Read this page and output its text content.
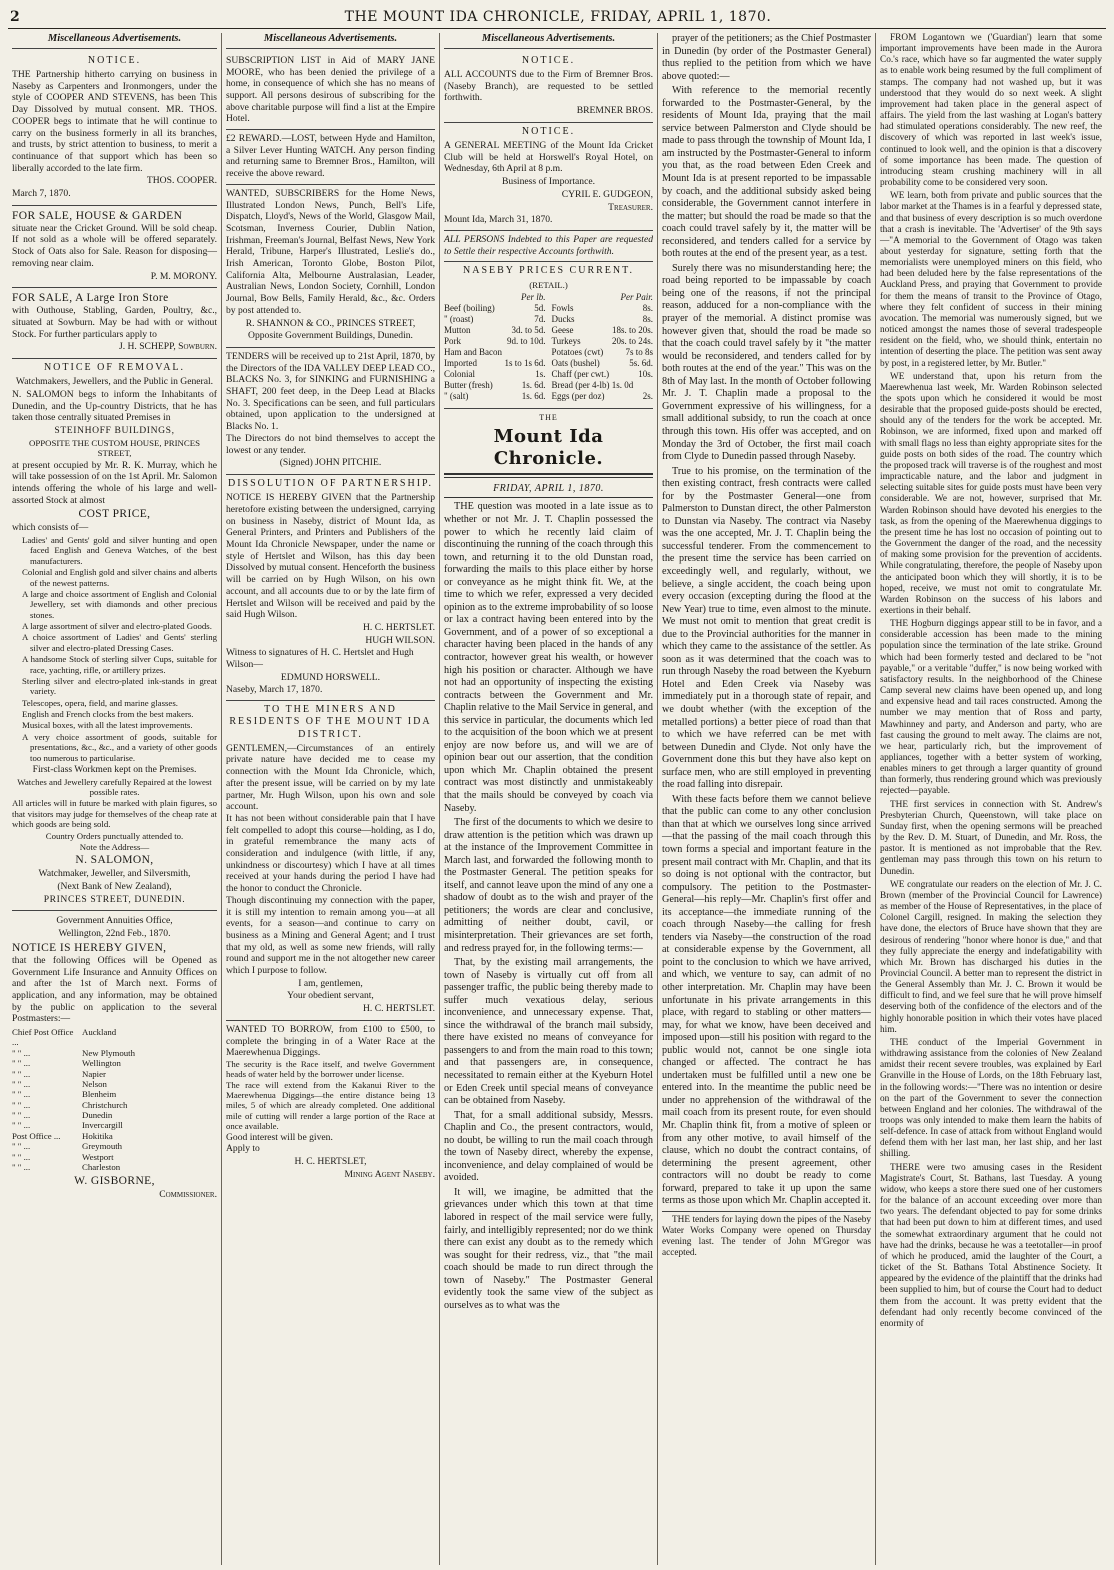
2	THE MOUNT IDA CHRONICLE, FRIDAY, APRIL 1, 1870.
Miscellaneous Advertisements.
NOTICE.

THE Partnership hitherto carrying on business in Naseby as Carpenters and Ironmongers, under the style of COOPER AND STEVENS, has been This Day Dissolved by mutual consent. MR. THOS. COOPER begs to intimate that he will continue to carry on the business formerly in all its branches, and trusts, by strict attention to business, to merit a continuance of that support which has been so liberally accorded to the late firm.

THOS. COOPER.
March 7, 1870.
FOR SALE, HOUSE & GARDEN

situate near the Cricket Ground. Will be sold cheap. If not sold as a whole will be offered separately. Stock of Oats also for Sale. Reason for disposing—removing near claim.

P. M. MORONY.
FOR SALE, A Large Iron Store

with Outhouse, Stabling, Garden, Poultry, &c., situated at Sowburn. May be had with or without Stock. For further particulars apply to

J. H. SCHEPP, Sowburn.
NOTICE OF REMOVAL.
Watchmakers, Jewellers, and the Public in General.

N. SALOMON begs to inform the Inhabitants of Dunedin, and the Up-country Districts, that he has taken those centrally situated Premises in

STEINHOFF BUILDINGS,
OPPOSITE THE CUSTOM HOUSE, PRINCES STREET,

at present occupied by Mr. R. K. Murray, which he will take possession of on the 1st April. Mr. Salomon intends offering the whole of his large and well-assorted Stock at almost

COST PRICE,
which consists of—
Ladies' and Gents' gold and silver hunting and open faced English and Geneva Watches, of the best manufacturers.
Colonial and English gold and silver chains and alberts of the newest patterns.
A large and choice assortment of English and Colonial Jewellery, set with diamonds and other precious stones.
A large assortment of silver and electro-plated Goods.
A choice assortment of Ladies' and Gents' sterling silver and electro-plated Dressing Cases.
A handsome Stock of sterling silver Cups, suitable for race, yachting, rifle, or artillery prizes.
Sterling silver and electro-plated ink-stands in great variety.
Telescopes, opera, field, and marine glasses.
English and French clocks from the best makers.
Musical boxes, with all the latest improvements.
A very choice assortment of goods, suitable for presentations, &c., &c., and a variety of other goods too numerous to particularise.
First-class Workmen kept on the Premises.
Watches and Jewellery carefully Repaired at the lowest possible rates.

All articles will in future be marked with plain figures, so that visitors may judge for themselves of the cheap rate at which goods are being sold.

Country Orders punctually attended to.
Note the Address—
N. SALOMON,
Watchmaker, Jeweller, and Silversmith,
(Next Bank of New Zealand),
PRINCES STREET, DUNEDIN.
Government Annuities Office,
Wellington, 22nd Feb., 1870.
NOTICE IS HEREBY GIVEN,

that the following Offices will be Opened as Government Life Insurance and Annuity Offices on and after the 1st of March next. Forms of application, and any information, may be obtained by the public on application to the several Postmasters:—

Chief Post Office ...
Auckland
" " ...	New Plymouth
" " ...	Wellington
" " ...	Napier
" " ...	Nelson
" " ...	Blenheim
" " ...	Christchurch
" " ...	Dunedin
" " ...	Invercargill
Post Office ...	Hokitika
" " ...	Greymouth
" " ...	Westport
" " ...	Charleston
W. GISBORNE,
Commissioner.
Miscellaneous Advertisements.

SUBSCRIPTION LIST in Aid of MARY JANE MOORE, who has been denied the privilege of a home, in consequence of which she has no means of support. All persons desirous of subscribing for the above charitable purpose will find a list at the Empire Hotel.

£2 REWARD.—LOST, between Hyde and Hamilton, a Silver Lever Hunting WATCH. Any person finding and returning same to Bremner Bros., Hamilton, will receive the above reward.

WANTED, SUBSCRIBERS for the Home News, Illustrated London News, Punch, Bell's Life, Dispatch, Lloyd's, News of the World, Glasgow Mail, Scotsman, Inverness Courier, Dublin Nation, Irishman, Freeman's Journal, Belfast News, New York Herald, Tribune, Harper's Illustrated, Leslie's do., Irish American, Toronto Globe, Boston Pilot, California Alta, Melbourne Australasian, Leader, Australian News, London Society, Cornhill, London Journal, Bow Bells, Family Herald, &c., &c. Orders by post attended to.

R. SHANNON & CO., PRINCES STREET,
Opposite Government Buildings, Dunedin.

TENDERS will be received up to 21st April, 1870, by the Directors of the IDA VALLEY DEEP LEAD CO., BLACKS No. 3, for SINKING and FURNISHING a SHAFT, 200 feet deep, in the Deep Lead at Blacks No. 3. Specifications can be seen, and full particulars obtained, upon application to the undersigned at Blacks No. 1.

The Directors do not bind themselves to accept the lowest or any tender.

(Signed) JOHN PITCHIE.
DISSOLUTION OF PARTNERSHIP.

NOTICE IS HEREBY GIVEN that the Partnership heretofore existing between the undersigned, carrying on business in Naseby, district of Mount Ida, as General Printers, and Printers and Publishers of the Mount Ida Chronicle Newspaper, under the name or style of Hertslet and Wilson, has this day been Dissolved by mutual consent. Henceforth the business will be carried on by Hugh Wilson, on his own account, and all accounts due to or by the late firm of Hertslet and Wilson will be received and paid by the said Hugh Wilson.

H. C. HERTSLET.
HUGH WILSON.
Witness to signatures of H. C. Hertslet and Hugh Wilson—
EDMUND HORSWELL.
Naseby, March 17, 1870.
TO THE MINERS AND RESIDENTS OF THE MOUNT IDA DISTRICT.

GENTLEMEN,—Circumstances of an entirely private nature have decided me to cease my connection with the Mount Ida Chronicle, which, after the present issue, will be carried on by my late partner, Mr. Hugh Wilson, upon his own and sole account.

It has not been without considerable pain that I have felt compelled to adopt this course—holding, as I do, in grateful remembrance the many acts of consideration and indulgence (with little, if any, unkindness or discourtesy) which I have at all times received at your hands during the period I have had the honor to conduct the Chronicle.

Though discontinuing my connection with the paper, it is still my intention to remain among you—at all events, for a season—and continue to carry on business as a Mining and General Agent; and I trust that my old, as well as some new friends, will rally round and support me in the not altogether new career which I purpose to follow.

I am, gentlemen,
Your obedient servant,
H. C. HERTSLET.

WANTED TO BORROW, from £100 to £500, to complete the bringing in of a Water Race at the Maerewhenua Diggings.

The security is the Race itself, and twelve Government heads of water held by the borrower under license.

The race will extend from the Kakanui River to the Maerewhenua Diggings—the entire distance being 13 miles, 5 of which are already completed. One additional mile of cutting will render a large portion of the Race at once available.

Good interest will be given.
Apply to
H. C. HERTSLET,
Mining Agent Naseby.
Miscellaneous Advertisements.
NOTICE.

ALL ACCOUNTS due to the Firm of Bremner Bros. (Naseby Branch), are requested to be settled forthwith.

BREMNER BROS.
NOTICE.

A GENERAL MEETING of the Mount Ida Cricket Club will be held at Horswell's Royal Hotel, on Wednesday, 6th April at 8 p.m.

Business of Importance.
CYRIL E. GUDGEON,
Treasurer.
Mount Ida, March 31, 1870.

ALL PERSONS Indebted to this Paper are requested to Settle their respective Accounts forthwith.

NASEBY PRICES CURRENT.
(RETAIL.)
Per lb.
Beef (boiling)	5d.
" (roast)	7d.
Mutton	3d. to 5d.
Pork	9d. to 10d.
Ham and Bacon
Imported	1s to 1s 6d.
Colonial	1s.
Butter (fresh)	1s. 6d.
" (salt)	1s. 6d.
Per Pair.
Fowls	8s.
Ducks	8s.
Geese	18s. to 20s.
Turkeys	20s. to 24s.
Potatoes (cwt) 7s to 8s
Oats (bushel)	5s. 6d.
Chaff (per cwt.)	10s.
Bread (per 4-lb) 1s. 0d
Eggs (per doz)	2s.
THE
Mount Ida Chronicle.
FRIDAY, APRIL 1, 1870.

THE question was mooted in a late issue as to whether or not Mr. J. T. Chaplin possessed the power to which he recently laid claim of discontinuing the running of the coach through this town, and returning it to the old Dunstan road, forwarding the mails to this place either by horse or conveyance as he might think fit. We, at the time to which we refer, expressed a very decided opinion as to the extreme improbability of so loose or lax a contract having been entered into by the Government, and of a power of so exceptional a character having been placed in the hands of any contractor, however great his wealth, or however high his position or character. Although we have not had an opportunity of inspecting the existing contracts between the Government and Mr. Chaplin relative to the Mail Service in general, and this service in particular, the documents which led to the acquisition of the boon which we at present enjoy are now before us, and will we are of opinion bear out our assertion, that the condition upon which Mr. Chaplin obtained the present contract was most distinctly and unmistakeably that the mails should be conveyed by coach via Naseby.

The first of the documents to which we desire to draw attention is the petition which was drawn up at the instance of the Improvement Committee in March last, and forwarded the following month to the Postmaster General. The petition speaks for itself, and cannot leave upon the mind of any one a shadow of doubt as to the wish and prayer of the petitioners; the words are clear and conclusive, admitting of neither doubt, cavil, or misinterpretation. Their grievances are set forth, and redress prayed for, in the following terms:—

That, by the existing mail arrangements, the town of Naseby is virtually cut off from all passenger traffic, the public being thereby made to suffer much vexatious delay, serious inconvenience, and unnecessary expense. That, since the withdrawal of the branch mail subsidy, there have existed no means of conveyance for passengers to and from the main road to this town; and that passengers are, in consequence, necessitated to remain either at the Kyeburn Hotel or Eden Creek until special means of conveyance can be obtained from Naseby.

That, for a small additional subsidy, Messrs. Chaplin and Co., the present contractors, would, no doubt, be willing to run the mail coach through the town of Naseby direct, whereby the expense, inconvenience, and delay complained of would be avoided.

It will, we imagine, be admitted that the grievances under which this town at that time labored in respect of the mail service were fully, fairly, and intelligibly represented; nor do we think there can exist any doubt as to the remedy which was sought for their redress, viz., that "the mail coach should be made to run direct through the town of Naseby." The Postmaster General evidently took the same view of the subject as ourselves as to what was the

prayer of the petitioners; as the Chief Postmaster in Dunedin (by order of the Postmaster General) thus replied to the petition from which we have above quoted:—

With reference to the memorial recently forwarded to the Postmaster-General, by the residents of Mount Ida, praying that the mail service between Palmerston and Clyde should be made to pass through the township of Mount Ida, I am instructed by the Postmaster-General to inform you that, as the road between Eden Creek and Mount Ida is at present reported to be impassable by coach, and the additional subsidy asked being considerable, the Government cannot interfere in the matter; but should the road be made so that the coach could travel safely by it, the matter will be reconsidered, and tenders called for a service by both routes at the end of the present year, as a test.

Surely there was no misunderstanding here; the road being reported to be impassable by coach being one of the reasons, if not the principal reason, adduced for a non-compliance with the prayer of the memorial. A distinct promise was however given that, should the road be made so that the coach could travel safely by it "the matter would be reconsidered, and tenders called for by both routes at the end of the year." This was on the 8th of May last. In the month of October following Mr. J. T. Chaplin made a proposal to the Government expressive of his willingness, for a small additional subsidy, to run the coach at once through this town. His offer was accepted, and on Monday the 3rd of October, the first mail coach from Clyde to Dunedin passed through Naseby.

True to his promise, on the termination of the then existing contract, fresh contracts were called for by the Postmaster General—one from Palmerston to Dunstan direct, the other Palmerston to Dunstan via Naseby. The contract via Naseby was the one accepted, Mr. J. T. Chaplin being the successful tenderer. From the commencement to the present time the service has been carried on exceedingly well, and regularly, without, we believe, a single accident, the coach being upon every occasion (excepting during the flood at the New Year) true to time, even almost to the minute. We must not omit to mention that great credit is due to the Provincial authorities for the manner in which they came to the assistance of the settler. As soon as it was determined that the coach was to run through Naseby the road between the Kyeburn Hotel and Eden Creek via Naseby was immediately put in a thorough state of repair, and we doubt whether (with the exception of the metalled portions) a better piece of road than that to which we have referred can be met with between Dunedin and Clyde. Not only have the Government done this but they have also kept on surface men, who are still employed in preventing the road falling into disrepair.

With these facts before them we cannot believe that the public can come to any other conclusion than that at which we ourselves long since arrived—that the passing of the mail coach through this town forms a special and important feature in the present mail contract with Mr. Chaplin, and that its so doing is not optional with the contractor, but compulsory. The petition to the Postmaster-General—his reply—Mr. Chaplin's first offer and its acceptance—the immediate running of the coach through Naseby—the calling for fresh tenders via Naseby—the construction of the road at considerable expense by the Government, all point to the conclusion to which we have arrived, and which, we venture to say, can admit of no other interpretation. Mr. Chaplin may have been unfortunate in his private arrangements in this place, with regard to stabling or other matters—may, for what we know, have been deceived and imposed upon—still his position with regard to the public would not, cannot be one single iota changed or affected. The contract he has undertaken must be fulfilled until a new one be entered into. In the meantime the public need be under no apprehension of the withdrawal of the mail coach from its present route, for even should Mr. Chaplin think fit, from a motive of spleen or from any other motive, to avail himself of the clause, which no doubt the contract contains, of determining the present agreement, other contractors will no doubt be ready to come forward, prepared to take it up upon the same terms as those upon which Mr. Chaplin accepted it.

THE tenders for laying down the pipes of the Naseby Water Works Company were opened on Thursday evening last. The tender of John M'Gregor was accepted.

FROM Logantown we ('Guardian') learn that some important improvements have been made in the Aurora Co.'s race, which have so far augmented the water supply as to enable work being resumed by the full compliment of stamps. The company had not washed up, but it was understood that they would do so next week. A slight improvement had taken place in the general aspect of affairs. The yield from the last washing at Logan's battery had stimulated operations considerably. The new reef, the discovery of which was reported in last week's issue, continued to look well, and the opinion is that a discovery of some importance has been made. The question of introducing steam crushing machinery will in all probability come to be considered very soon.

WE learn, both from private and public sources that the labor market at the Thames is in a fearful y depressed state, and that business of every description is so much overdone that a crash is inevitable. The 'Advertiser' of the 9th says—"A memorial to the Government of Otago was taken about yesterday for signature, setting forth that the memorialists were unemployed miners on this field, who had been deluded here by the false representations of the Auckland Press, and praying that Government to provide for them the means of transit to the Province of Otago, where they felt confident of success in their mining avocation. The memorial was numerously signed, but we noticed amongst the names those of several tradespeople resident on the field, who, we should think, entertain no intention of deserting the place. The petition was sent away by post, in a registered letter, by Mr. Butler."

WE understand that, upon his return from the Maerewhenua last week, Mr. Warden Robinson selected the spots upon which he considered it would be most desirable that the proposed guide-posts should be erected, should any of the tenders for the work be accepted. Mr. Robinson, we are informed, fixed upon and marked off with small flags no less than eighty appropriate sites for the guide posts on both sides of the road. The country which the proposed track will traverse is of the roughest and most impracticable nature, and the labor and judgment in selecting suitable sites for guide posts must have been very considerable. We are not, however, surprised that Mr. Warden Robinson should have devoted his energies to the task, as from the opening of the Maerewhenua diggings to the present time he has lost no occasion of pointing out to the Government the danger of the road, and the necessity of making some provision for the prevention of accidents. While congratulating, therefore, the people of Naseby upon the anticipated boon which they will shortly, it is to be hoped, receive, we must not omit to congratulate Mr. Warden Robinson on the success of his labors and exertions in their behalf.

THE Hogburn diggings appear still to be in favor, and a considerable accession has been made to the mining population since the termination of the late strike. Ground which had been formerly tested and declared to be "not payable," or a veritable "duffer," is now being worked with satisfactory results. In the neighborhood of the Chinese Camp several new claims have been opened up, and long and expensive head and tail races constructed. Among the number we may mention that of Ross and party, Mawhinney and party, and Anderson and party, who are fast causing the ground to melt away. The claims are not, we hear, particularly rich, but the improvement of appliances, together with a better system of working, enables miners to get through a larger quantity of ground than formerly, thus rendering ground which was previously rejected—payable.

THE first services in connection with St. Andrew's Presbyterian Church, Queenstown, will take place on Sunday first, when the opening sermons will be preached by the Rev. D. M. Stuart, of Dunedin, and Mr. Ross, the pastor. It is mentioned as not improbable that the Rev. gentleman may pass through this town on his return to Dunedin.

WE congratulate our readers on the election of Mr. J. C. Brown (member of the Provincial Council for Lawrence) as member of the House of Representatives, in the place of Colonel Cargill, resigned. In making the selection they have done, the electors of Bruce have shown that they are desirous of rendering "honor where honor is due," and that they fully appreciate the energy and indefatigability with which Mr. Brown has discharged his duties in the Provincial Council. A better man to represent the district in the General Assembly than Mr. J. C. Brown it would be difficult to find, and we feel sure that he will prove himself deserving both of the confidence of the electors and of the highly honorable position in which their votes have placed him.

THE conduct of the Imperial Government in withdrawing assistance from the colonies of New Zealand amidst their recent severe troubles, was explained by Earl Granville in the House of Lords, on the 18th February last, in the following words:—"There was no intention or desire on the part of the Government to sever the connection between England and her colonies. The withdrawal of the troops was only intended to make them learn the habits of self-defence. In case of attack from without England would defend them with her last man, her last ship, and her last shilling.

THERE were two amusing cases in the Resident Magistrate's Court, St. Bathans, last Tuesday. A young widow, who keeps a store there sued one of her customers for the balance of an account exceeding over more than two years. The defendant objected to pay for some drinks that had been put down to him at different times, and used the somewhat extraordinary argument that he could not have had the drinks, because he was a teetotaller—in proof of which he produced, amid the laughter of the Court, a ticket of the St. Bathans Total Abstinence Society. It appeared by the evidence of the plaintiff that the drinks had been supplied to him, but of course the Court had to deduct them from the account. It was pretty evident that the defendant had only recently become convinced of the enormity of
